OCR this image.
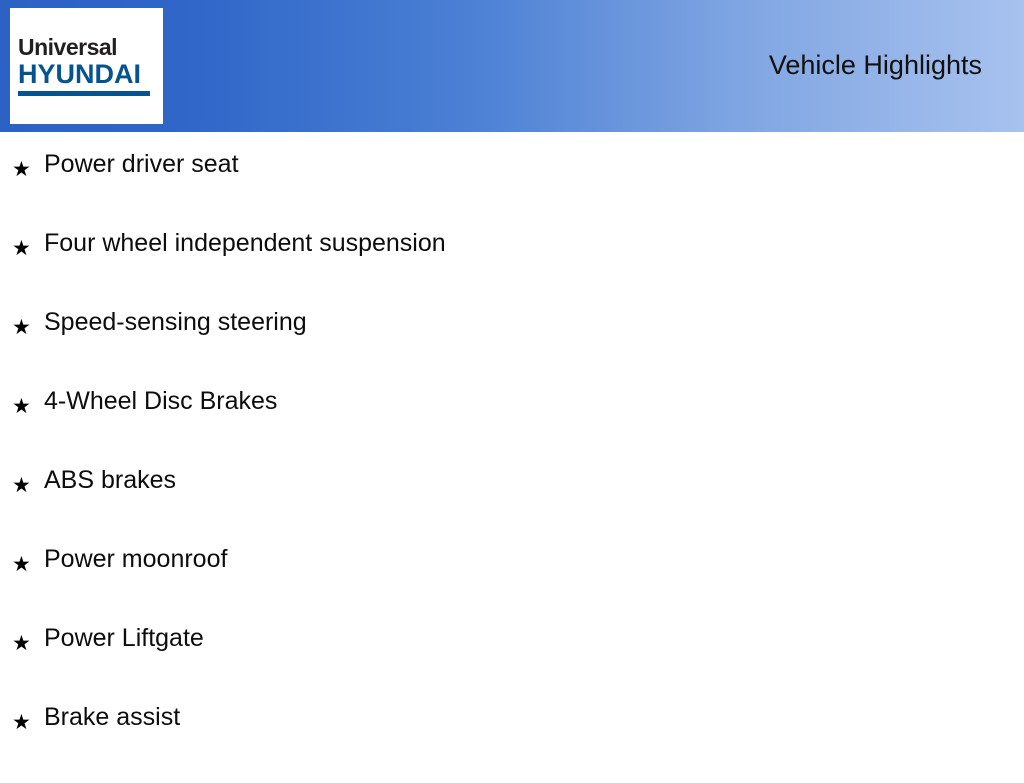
Universal
HYUNDAI	Vehicle Highlights
★ Power driver seat
★ Four wheel independent suspension
★ Speed-sensing steering
★ 4-Wheel Disc Brakes
★ ABS brakes
★ Power moonroof
★ Power Liftgate
★ Brake assist
